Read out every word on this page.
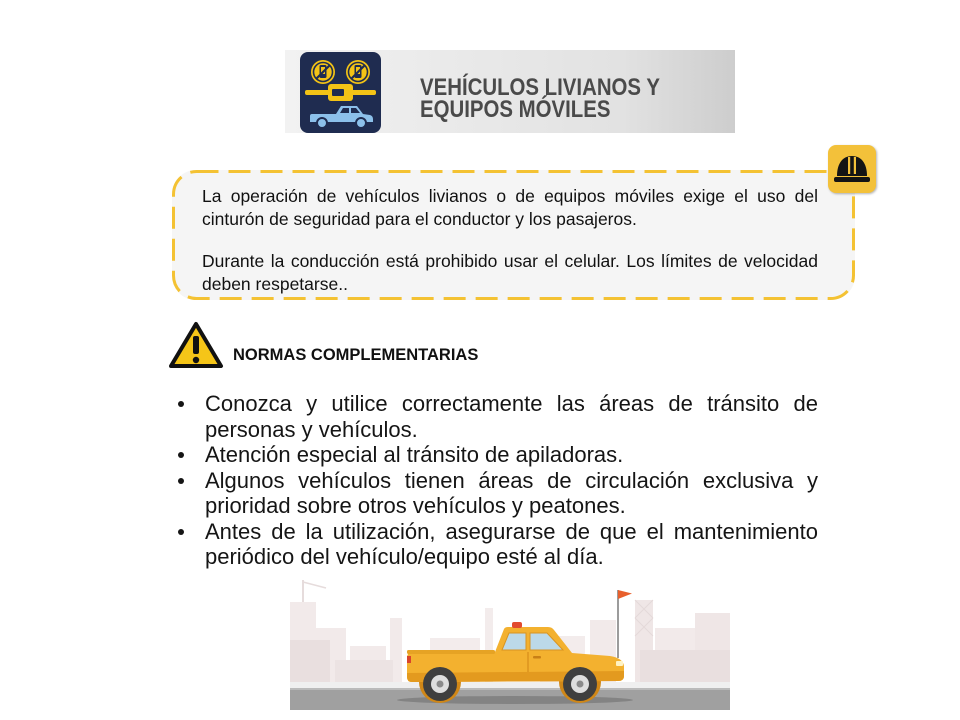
VEHÍCULOS LIVIANOS Y
EQUIPOS MÓVILES

La operación de vehículos livianos o de equipos móviles exige el uso del cinturón de seguridad para el conductor y los pasajeros.

Durante la conducción está prohibido usar el celular. Los límites de velocidad deben respetarse..

NORMAS COMPLEMENTARIAS
Conozca y utilice correctamente las áreas de tránsito de personas y vehículos.
Atención especial al tránsito de apiladoras.
Algunos vehículos tienen áreas de circulación exclusiva y prioridad sobre otros vehículos y peatones.
Antes de la utilización, asegurarse de que el mantenimiento periódico del vehículo/equipo esté al día.
